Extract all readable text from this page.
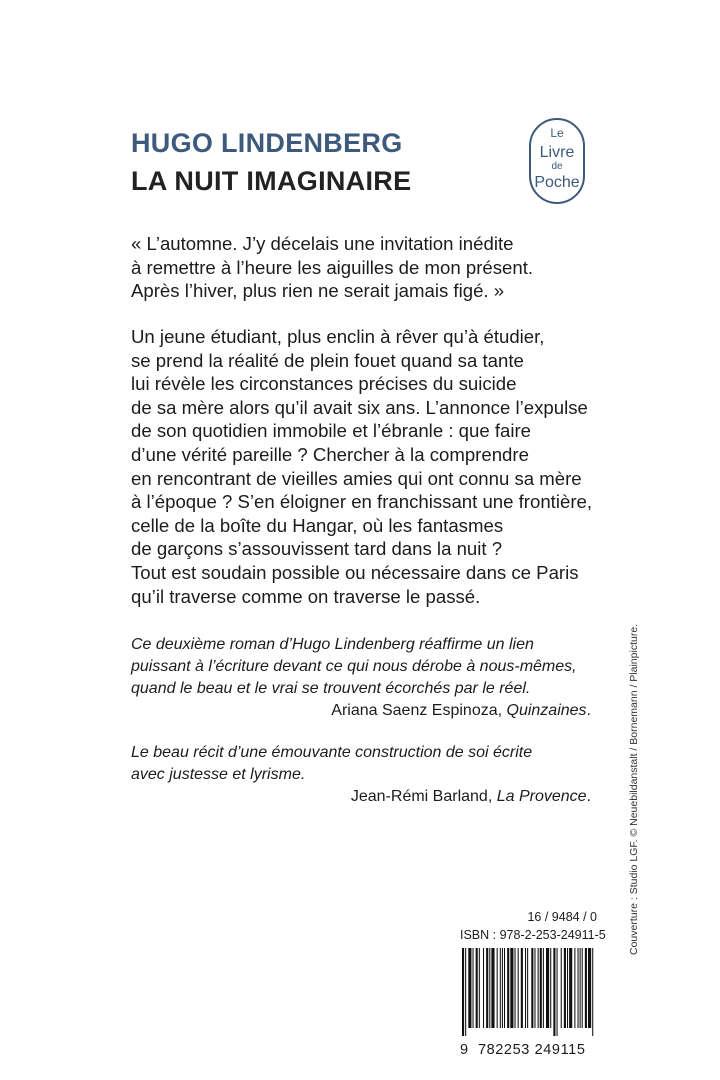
HUGO LINDENBERG
LA NUIT IMAGINAIRE
Le
Livre
de
Poche

« L’automne. J’y décelais une invitation inédite
à remettre à l’heure les aiguilles de mon présent.
Après l’hiver, plus rien ne serait jamais figé. »

Un jeune étudiant, plus enclin à rêver qu’à étudier,
se prend la réalité de plein fouet quand sa tante
lui révèle les circonstances précises du suicide
de sa mère alors qu’il avait six ans. L’annonce l’expulse
de son quotidien immobile et l’ébranle : que faire
d’une vérité pareille ? Chercher à la comprendre
en rencontrant de vieilles amies qui ont connu sa mère
à l’époque ? S’en éloigner en franchissant une frontière,
celle de la boîte du Hangar, où les fantasmes
de garçons s’assouvissent tard dans la nuit ?
Tout est soudain possible ou nécessaire dans ce Paris
qu’il traverse comme on traverse le passé.

Ce deuxième roman d’Hugo Lindenberg réaffirme un lien
puissant à l’écriture devant ce qui nous dérobe à nous-mêmes,
quand le beau et le vrai se trouvent écorchés par le réel.
Ariana Saenz Espinoza, Quinzaines.
Le beau récit d’une émouvante construction de soi écrite
avec justesse et lyrisme.
Jean-Rémi Barland, La Provence.
16 / 9484 / 0
ISBN : 978-2-253-24911-5
9 782253 249115
Couverture : Studio LGF. © Neuebildanstalt / Bornemann / Plainpicture.
